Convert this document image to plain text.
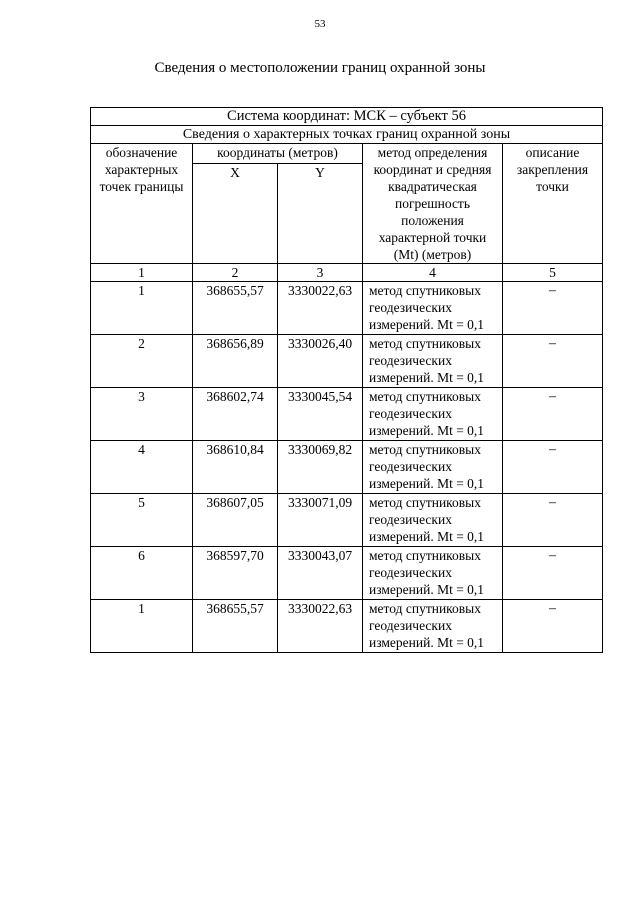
53
Сведения о местоположении границ охранной зоны
Система координат: МСК – субъект 56				
Сведения о характерных точках границ охранной зоны				

обозначение
характерных точек границы	координаты (метров)		метод определения координат и средняя квадратическая погрешность положения характерной точки (Mt) (метров)	описание закрепления точки
	X	Y		
1	2	3	4	5
1	368655,57	3330022,63	метод спутниковых геодезических измерений. Mt = 0,1	–
2	368656,89	3330026,40	метод спутниковых геодезических измерений. Mt = 0,1	–
3	368602,74	3330045,54	метод спутниковых геодезических измерений. Mt = 0,1	–
4	368610,84	3330069,82	метод спутниковых геодезических измерений. Mt = 0,1	–
5	368607,05	3330071,09	метод спутниковых геодезических измерений. Mt = 0,1	–
6	368597,70	3330043,07	метод спутниковых геодезических измерений. Mt = 0,1	–
1	368655,57	3330022,63	метод спутниковых геодезических измерений. Mt = 0,1	–
